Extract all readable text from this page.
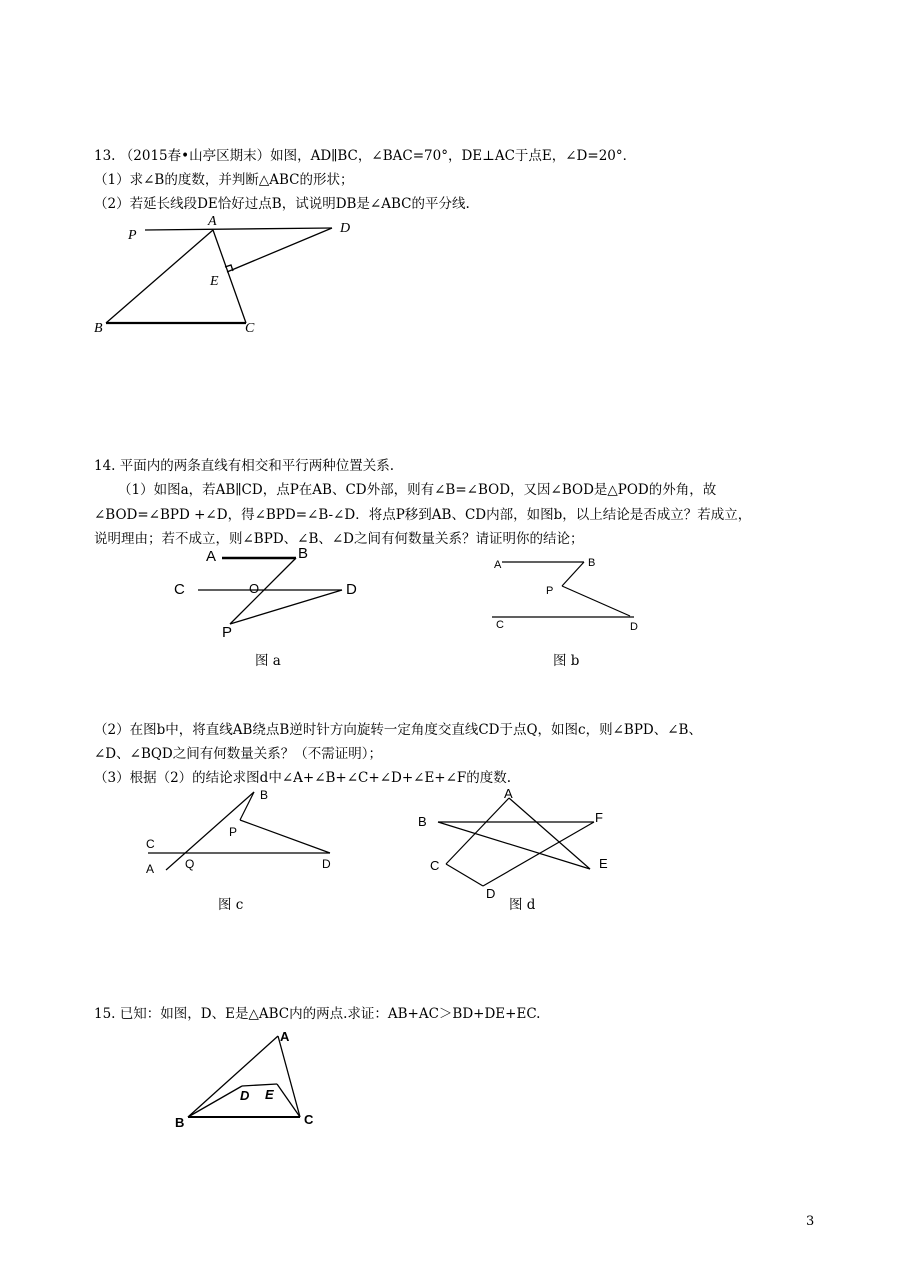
13. （2015春•山亭区期末）如图，AD∥BC，∠BAC=70°，DE⊥AC于点E，∠D=20°．
（1）求∠B的度数，并判断△ABC的形状；
（2）若延长线段DE恰好过点B，试说明DB是∠ABC的平分线.
P
A	D
E
B	C
14. 平面内的两条直线有相交和平行两种位置关系.
（1）如图a，若AB∥CD，点P在AB、CD外部，则有∠B=∠BOD，又因∠BOD是△POD的外角，故
∠BOD=∠BPD +∠D，得∠BPD=∠B-∠D．将点P移到AB、CD内部，如图b，以上结论是否成立？若成立，
说明理由；若不成立，则∠BPD、∠B、∠D之间有何数量关系？请证明你的结论；
A	B
C	O	D
P
图 a
A	B
P
C	D
图 b
（2）在图b中，将直线AB绕点B逆时针方向旋转一定角度交直线CD于点Q，如图c，则∠BPD、∠B、
∠D、∠BQD之间有何数量关系？（不需证明）；
（3）根据（2）的结论求图d中∠A+∠B+∠C+∠D+∠E+∠F的度数.
C
A
B
P
Q	D
图 c
A
B	F
C	E
D
图 d
15. 已知：如图，D、E是△ABC内的两点.求证：AB+AC＞BD+DE+EC.
A
B	C
D E
3
